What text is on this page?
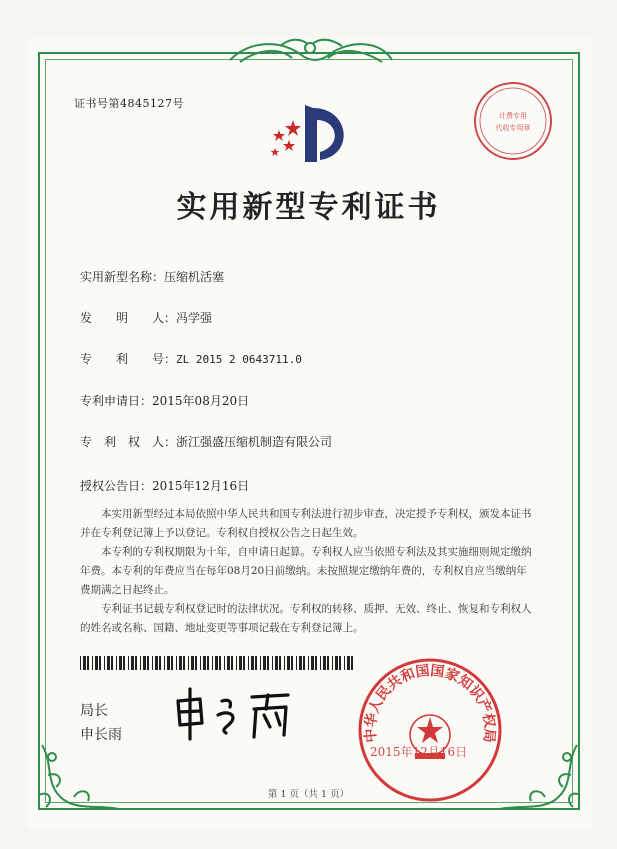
证书号第4845127号
计费专用
代收专用章
实用新型专利证书
实用新型名称：压缩机活塞
发　　明　　人：冯学强
专　　利　　号：ZL 2015 2 0643711.0
专利申请日：2015年08月20日
专　利　权　人：浙江强盛压缩机制造有限公司
授权公告日：2015年12月16日

本实用新型经过本局依照中华人民共和国专利法进行初步审查，决定授予专利权，颁发本证书并在专利登记簿上予以登记。专利权自授权公告之日起生效。

本专利的专利权期限为十年，自申请日起算。专利权人应当依照专利法及其实施细则规定缴纳年费。本专利的年费应当在每年08月20日前缴纳。未按照规定缴纳年费的，专利权自应当缴纳年费期满之日起终止。

专利证书记载专利权登记时的法律状况。专利权的转移、质押、无效、终止、恢复和专利权人的姓名或名称、国籍、地址变更等事项记载在专利登记簿上。

局长
申长雨	中华人民共和国国家知识产权局
2015年12月16日
第 1 页（共 1 页）
